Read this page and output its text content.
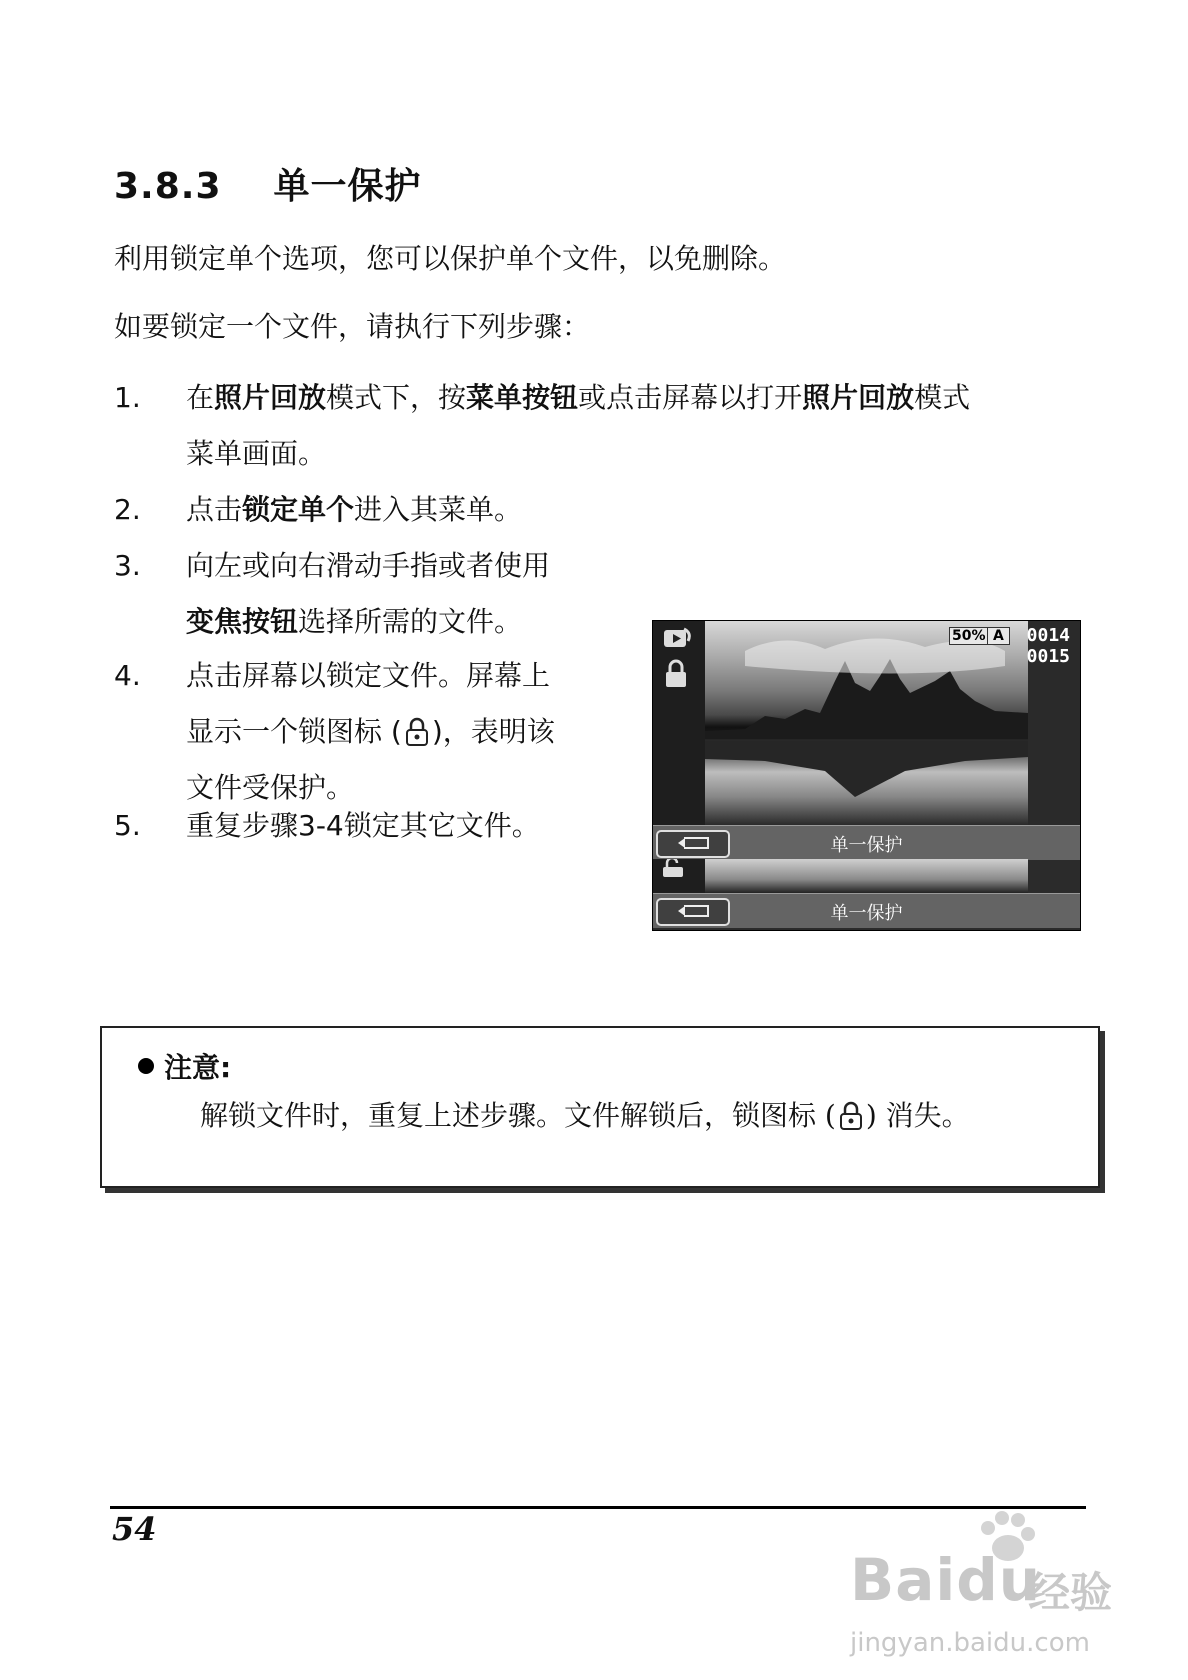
3.8.3 单一保护
利用锁定单个选项，您可以保护单个文件，以免删除。
如要锁定一个文件，请执行下列步骤：
1.	在照片回放模式下，按菜单按钮或点击屏幕以打开照片回放模式
菜单画面。
2.	点击锁定单个进入其菜单。
3.	向左或向右滑动手指或者使用
变焦按钮选择所需的文件。
4.	点击屏幕以锁定文件。屏幕上
显示一个锁图标 ( )，表明该
文件受保护。
5.	重复步骤3-4锁定其它文件。
50% A	0014
0015
单一保护
单一保护
注意:
解锁文件时，重复上述步骤。文件解锁后，锁图标 ( ) 消失。
54
Baidu
经验
jingyan.baidu.com
